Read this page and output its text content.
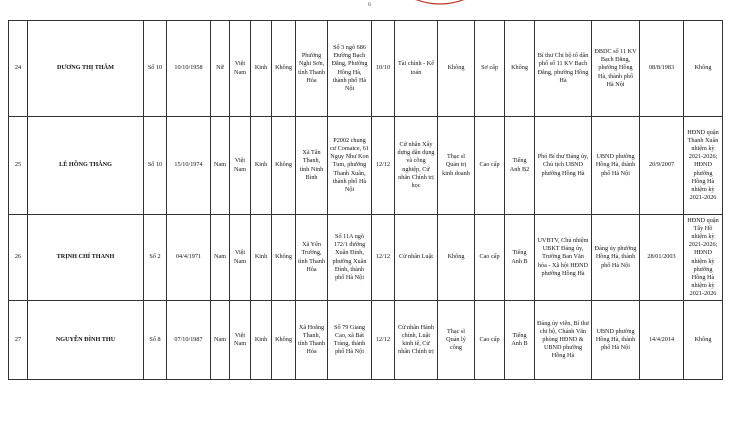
6
24	DƯƠNG THỊ THẮM	Số 10	10/10/1958	Nữ	Việt Nam	Kinh	Không	Phường Nghi Sơn, tỉnh Thanh Hóa	Số 3 ngõ 686 Đường Bạch Đằng, Phường Hồng Hà, thành phố Hà Nội	10/10	Tài chính - Kế toán	Không	Sơ cấp	Không	Bí thư Chi bộ tổ dân phố số 11 KV Bạch Đằng, phường Hồng Hà	ĐBDC số 11 KV Bạch Đằng, phường Hồng Hà, thành phố Hà Nội	08/8/1983	Không

25	LÊ HỒNG THẮNG	Số 10	15/10/1974	Nam	Việt Nam	Kinh	Không	Xã Tân Thanh, tỉnh Ninh Bình	P2002 chung cư Comatce, 61 Ngụy Như Kon Tum, phường Thanh Xuân, thành phố Hà Nội	12/12	Cử nhân Xây dựng dân dụng và công nghiệp, Cử nhân Chính trị học	Thạc sĩ Quản trị kinh doanh	Cao cấp	Tiếng Anh B2	Phó Bí thư Đảng ủy, Chủ tịch UBND phường Hồng Hà	UBND phường Hồng Hà, thành phố Hà Nội	20/9/2007	HĐND quận Thanh Xuân nhiệm kỳ 2021-2026; HĐND phường Hồng Hà nhiệm kỳ 2021-2026

26	TRỊNH CHÍ THANH	Số 2	04/4/1971	Nam	Việt Nam	Kinh	Không	Xã Yên Trường, tỉnh Thanh Hóa	Số 11A ngõ 172/1 đường Xuân Đỉnh, phường Xuân Đỉnh, thành phố Hà Nội	12/12	Cử nhân Luật	Không	Cao cấp	Tiếng Anh B	UVBTV, Chủ nhiệm UBKT Đảng ủy, Trưởng Ban Văn hóa - Xã hội HĐND phường Hồng Hà	Đảng ủy phường Hồng Hà, thành phố Hà Nội	28/01/2003	HĐND quận Tây Hồ nhiệm kỳ 2021-2026; HĐND nhiệm kỳ phường Hồng Hà nhiệm kỳ 2021-2026

27	NGUYỄN ĐÌNH THU	Số 8	07/10/1987	Nam	Việt Nam	Kinh	Không	Xã Hoằng Thanh, tỉnh Thanh Hóa	Số 79 Giang Cao, xã Bát Tràng, thành phố Hà Nội	12/12	Cử nhân Hành chính, Luật kinh tế, Cử nhân Chính trị	Thạc sĩ Quản lý công	Cao cấp	Tiếng Anh B	Đảng ủy viên, Bí thư chi bộ, Chánh Văn phòng HĐND & UBND phường Hồng Hà	UBND phường Hồng Hà, thành phố Hà Nội	14/4/2014	Không
